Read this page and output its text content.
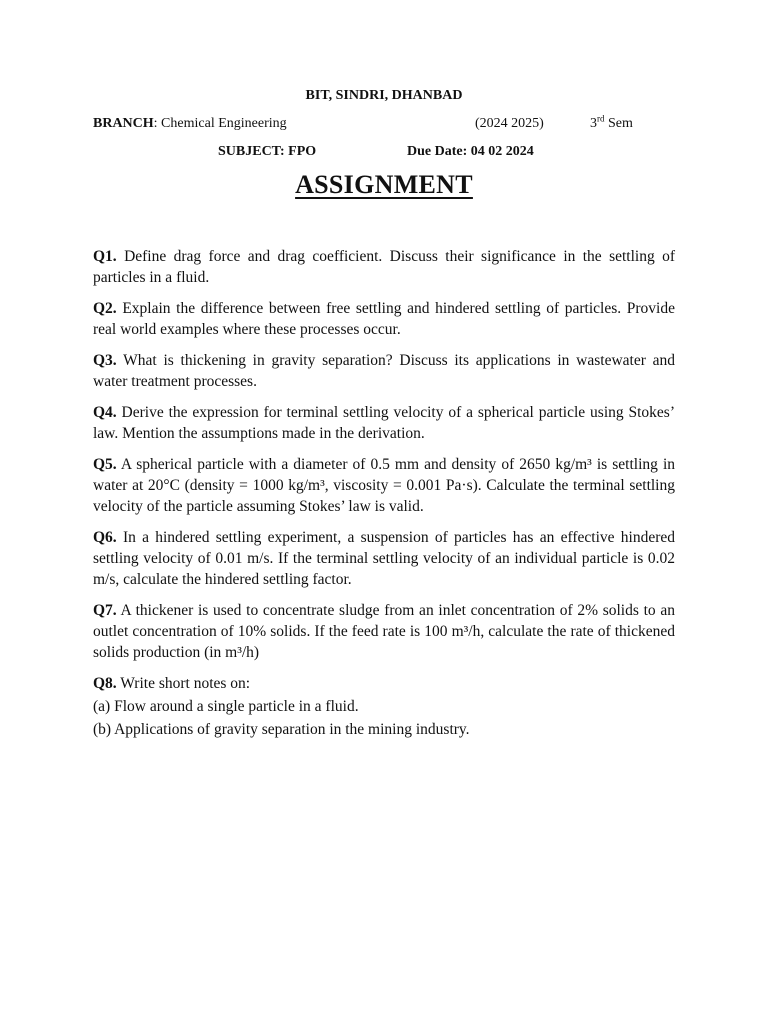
BIT, SINDRI, DHANBAD
BRANCH: Chemical Engineering	(2024 2025)	3rd Sem
SUBJECT: FPO	Due Date: 04 02 2024
ASSIGNMENT

Q1. Define drag force and drag coefficient. Discuss their significance in the settling of particles in a fluid.

Q2. Explain the difference between free settling and hindered settling of particles. Provide real world examples where these processes occur.

Q3. What is thickening in gravity separation? Discuss its applications in wastewater and water treatment processes.

Q4. Derive the expression for terminal settling velocity of a spherical particle using Stokes’ law. Mention the assumptions made in the derivation.

Q5. A spherical particle with a diameter of 0.5 mm and density of 2650 kg/m³ is settling in water at 20°C (density = 1000 kg/m³, viscosity = 0.001 Pa·s). Calculate the terminal settling velocity of the particle assuming Stokes’ law is valid.

Q6. In a hindered settling experiment, a suspension of particles has an effective hindered settling velocity of 0.01 m/s. If the terminal settling velocity of an individual particle is 0.02 m/s, calculate the hindered settling factor.

Q7. A thickener is used to concentrate sludge from an inlet concentration of 2% solids to an outlet concentration of 10% solids. If the feed rate is 100 m³/h, calculate the rate of thickened solids production (in m³/h)

Q8. Write short notes on:

(a) Flow around a single particle in a fluid.

(b) Applications of gravity separation in the mining industry.
